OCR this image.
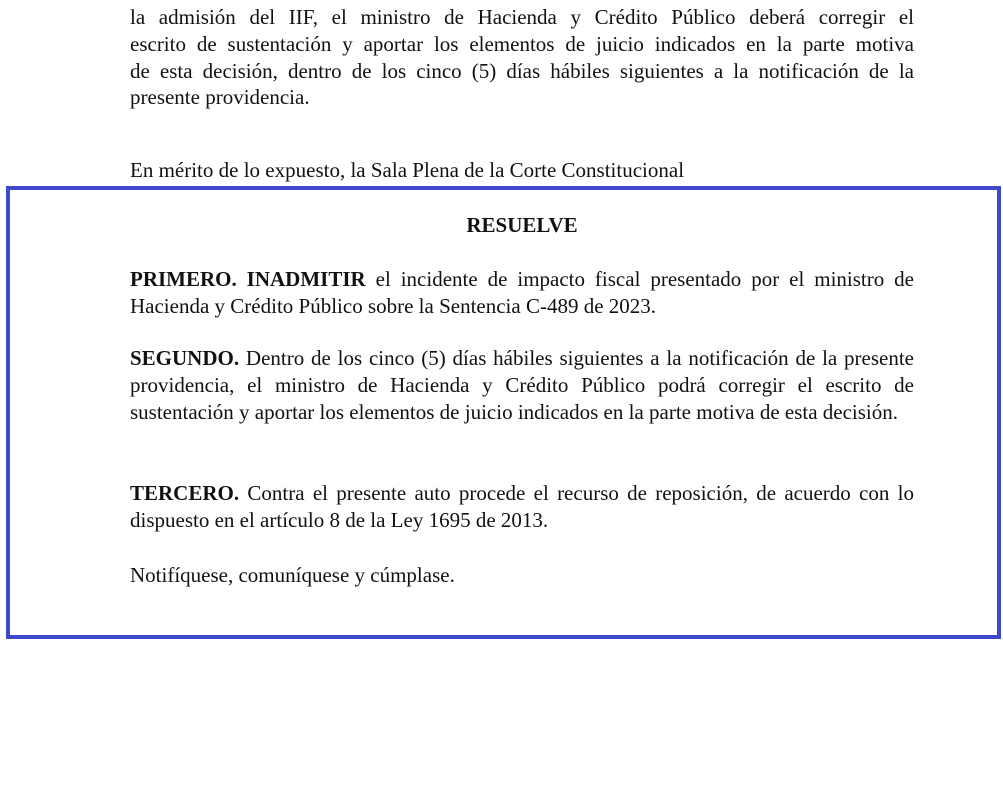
la admisión del IIF, el ministro de Hacienda y Crédito Público deberá corregir el
escrito de sustentación y aportar los elementos de juicio indicados en la parte motiva
de esta decisión, dentro de los cinco (5) días hábiles siguientes a la notificación de la
presente providencia.

En mérito de lo expuesto, la Sala Plena de la Corte Constitucional

RESUELVE

PRIMERO. INADMITIR el incidente de impacto fiscal presentado por el ministro de Hacienda y Crédito Público sobre la Sentencia C-489 de 2023.

SEGUNDO. Dentro de los cinco (5) días hábiles siguientes a la notificación de la presente providencia, el ministro de Hacienda y Crédito Público podrá corregir el escrito de sustentación y aportar los elementos de juicio indicados en la parte motiva de esta decisión.

TERCERO. Contra el presente auto procede el recurso de reposición, de acuerdo con lo dispuesto en el artículo 8 de la Ley 1695 de 2013.

Notifíquese, comuníquese y cúmplase.
